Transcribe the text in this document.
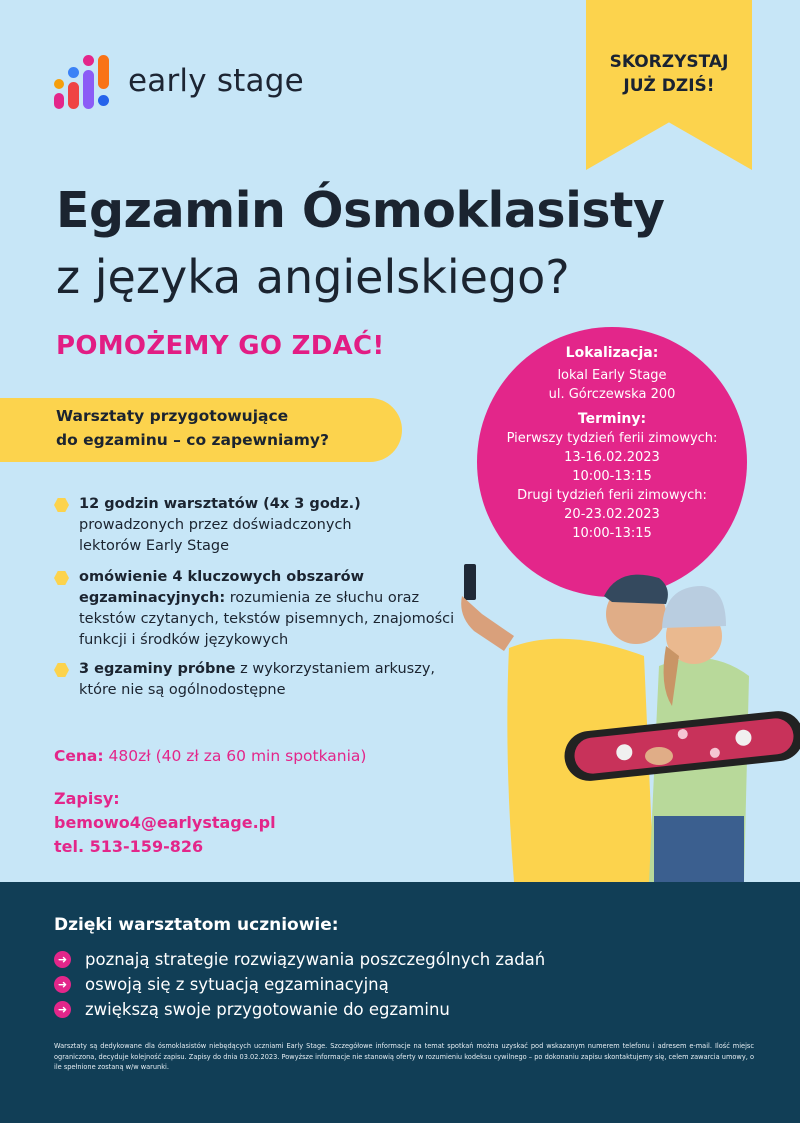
early stage
SKORZYSTAJ
JUŻ DZIŚ!
Egzamin Ósmoklasisty
z języka angielskiego?
POMOŻEMY GO ZDAĆ!
Warsztaty przygotowujące
do egzaminu – co zapewniamy?
Lokalizacja:
lokal Early Stage
ul. Górczewska 200
Terminy:
Pierwszy tydzień ferii zimowych:
13-16.02.2023
10:00-13:15
Drugi tydzień ferii zimowych:
20-23.02.2023
10:00-13:15
12 godzin warsztatów (4x 3 godz.) prowadzonych przez doświadczonych lektorów Early Stage
omówienie 4 kluczowych obszarów egzaminacyjnych: rozumienia ze słuchu oraz tekstów czytanych, tekstów pisemnych, znajomości funkcji i środków językowych
3 egzaminy próbne z wykorzystaniem arkuszy, które nie są ogólnodostępne
Cena: 480zł (40 zł za 60 min spotkania)
Zapisy:
bemowo4@earlystage.pl
tel. 513-159-826
Dzięki warsztatom uczniowie:
➜ poznają strategie rozwiązywania poszczególnych zadań
➜ oswoją się z sytuacją egzaminacyjną
➜ zwiększą swoje przygotowanie do egzaminu
Warsztaty są dedykowane dla ósmoklasistów niebędących uczniami Early Stage. Szczegółowe informacje na temat spotkań można uzyskać pod wskazanym numerem telefonu i adresem e-mail. Ilość miejsc ograniczona, decyduje kolejność zapisu. Zapisy do dnia 03.02.2023. Powyższe informacje nie stanowią oferty w rozumieniu kodeksu cywilnego – po dokonaniu zapisu skontaktujemy się, celem zawarcia umowy, o ile spełnione zostaną w/w warunki.
